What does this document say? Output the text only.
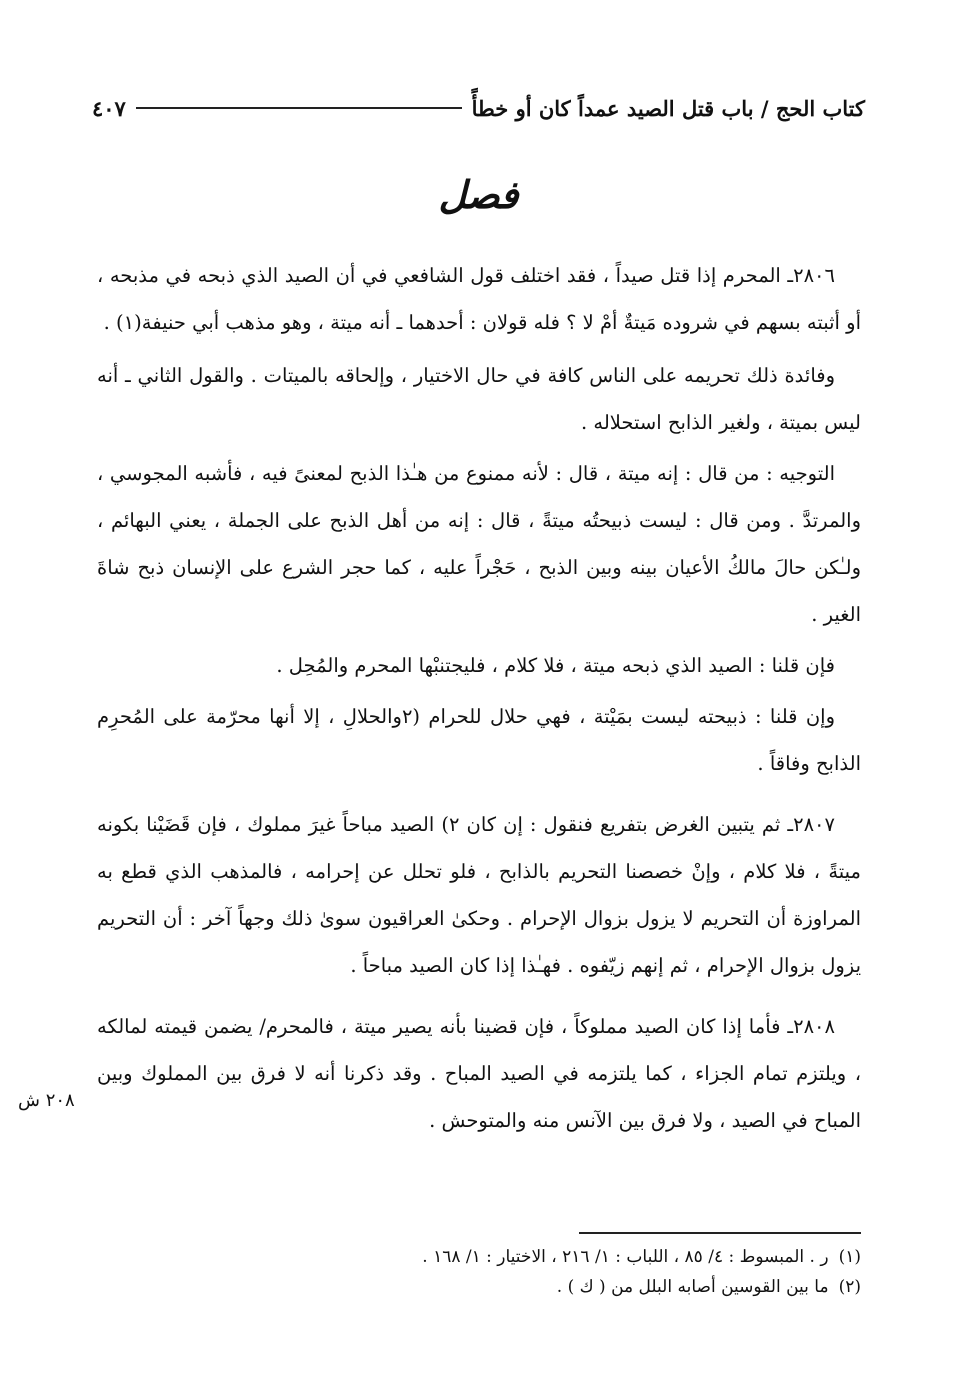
كتاب الحج / باب قتل الصيد عمداً كان أو خطأً
٤٠٧
فصل

٢٨٠٦ـ المحرم إذا قتل صيداً ، فقد اختلف قول الشافعي في أن الصيد الذي ذبحه في مذبحه ، أو أثبته بسهم في شروده مَيتةٌ أمْ لا ؟ فله قولان : أحدهما ـ أنه ميتة ، وهو مذهب أبي حنيفة(١) .

وفائدة ذلك تحريمه على الناس كافة في حال الاختيار ، وإلحاقه بالميتات . والقول الثاني ـ أنه ليس بميتة ، ولغير الذابح استحلاله .

التوجيه : من قال : إنه ميتة ، قال : لأنه ممنوع من هـٰذا الذبح لمعنىً فيه ، فأشبه المجوسي ، والمرتدَّ . ومن قال : ليست ذبيحتُه ميتةً ، قال : إنه من أهل الذبح على الجملة ، يعني البهائم ، ولـٰكن حالَ مالكُ الأعيان بينه وبين الذبح ، حَجْراً عليه ، كما حجر الشرع على الإنسان ذبح شاةَ الغير .

فإن قلنا : الصيد الذي ذبحه ميتة ، فلا كلام ، فليجتنبْها المحرم والمُحِل .

وإن قلنا : ذبيحته ليست بمَيْتة ، فهي حلال للحرام (٢والحلالِ ، إلا أنها محرّمة على المُحرِم الذابح وفاقاً .

٢٨٠٧ـ ثم يتبين الغرض بتفريع فنقول : إن كان ٢) الصيد مباحاً غيرَ مملوك ، فإن قَضَيْنا بكونه ميتةً ، فلا كلام ، وإنْ خصصنا التحريم بالذابح ، فلو تحلل عن إحرامه ، فالمذهب الذي قطع به المراوزة أن التحريم لا يزول بزوال الإحرام . وحكىٰ العراقيون سوىٰ ذلك وجهاً آخر : أن التحريم يزول بزوال الإحرام ، ثم إنهم زيّفوه . فهـٰذا إذا كان الصيد مباحاً .

٢٨٠٨ـ فأما إذا كان الصيد مملوكاً ، فإن قضينا بأنه يصير ميتة ، فالمحرم/ يضمن قيمته لمالكه ، ويلتزم تمام الجزاء ، كما يلتزمه في الصيد المباح . وقد ذكرنا أنه لا فرق بين المملوك وبين المباح في الصيد ، ولا فرق بين الآنس منه والمتوحش .

٢٠٨ ش
(١)
ر . المبسوط : ٤/ ٨٥ ، اللباب : ١/ ٢١٦ ، الاختيار : ١/ ١٦٨ .
(٢)
ما بين القوسين أصابه البلل من ( ك ) .
